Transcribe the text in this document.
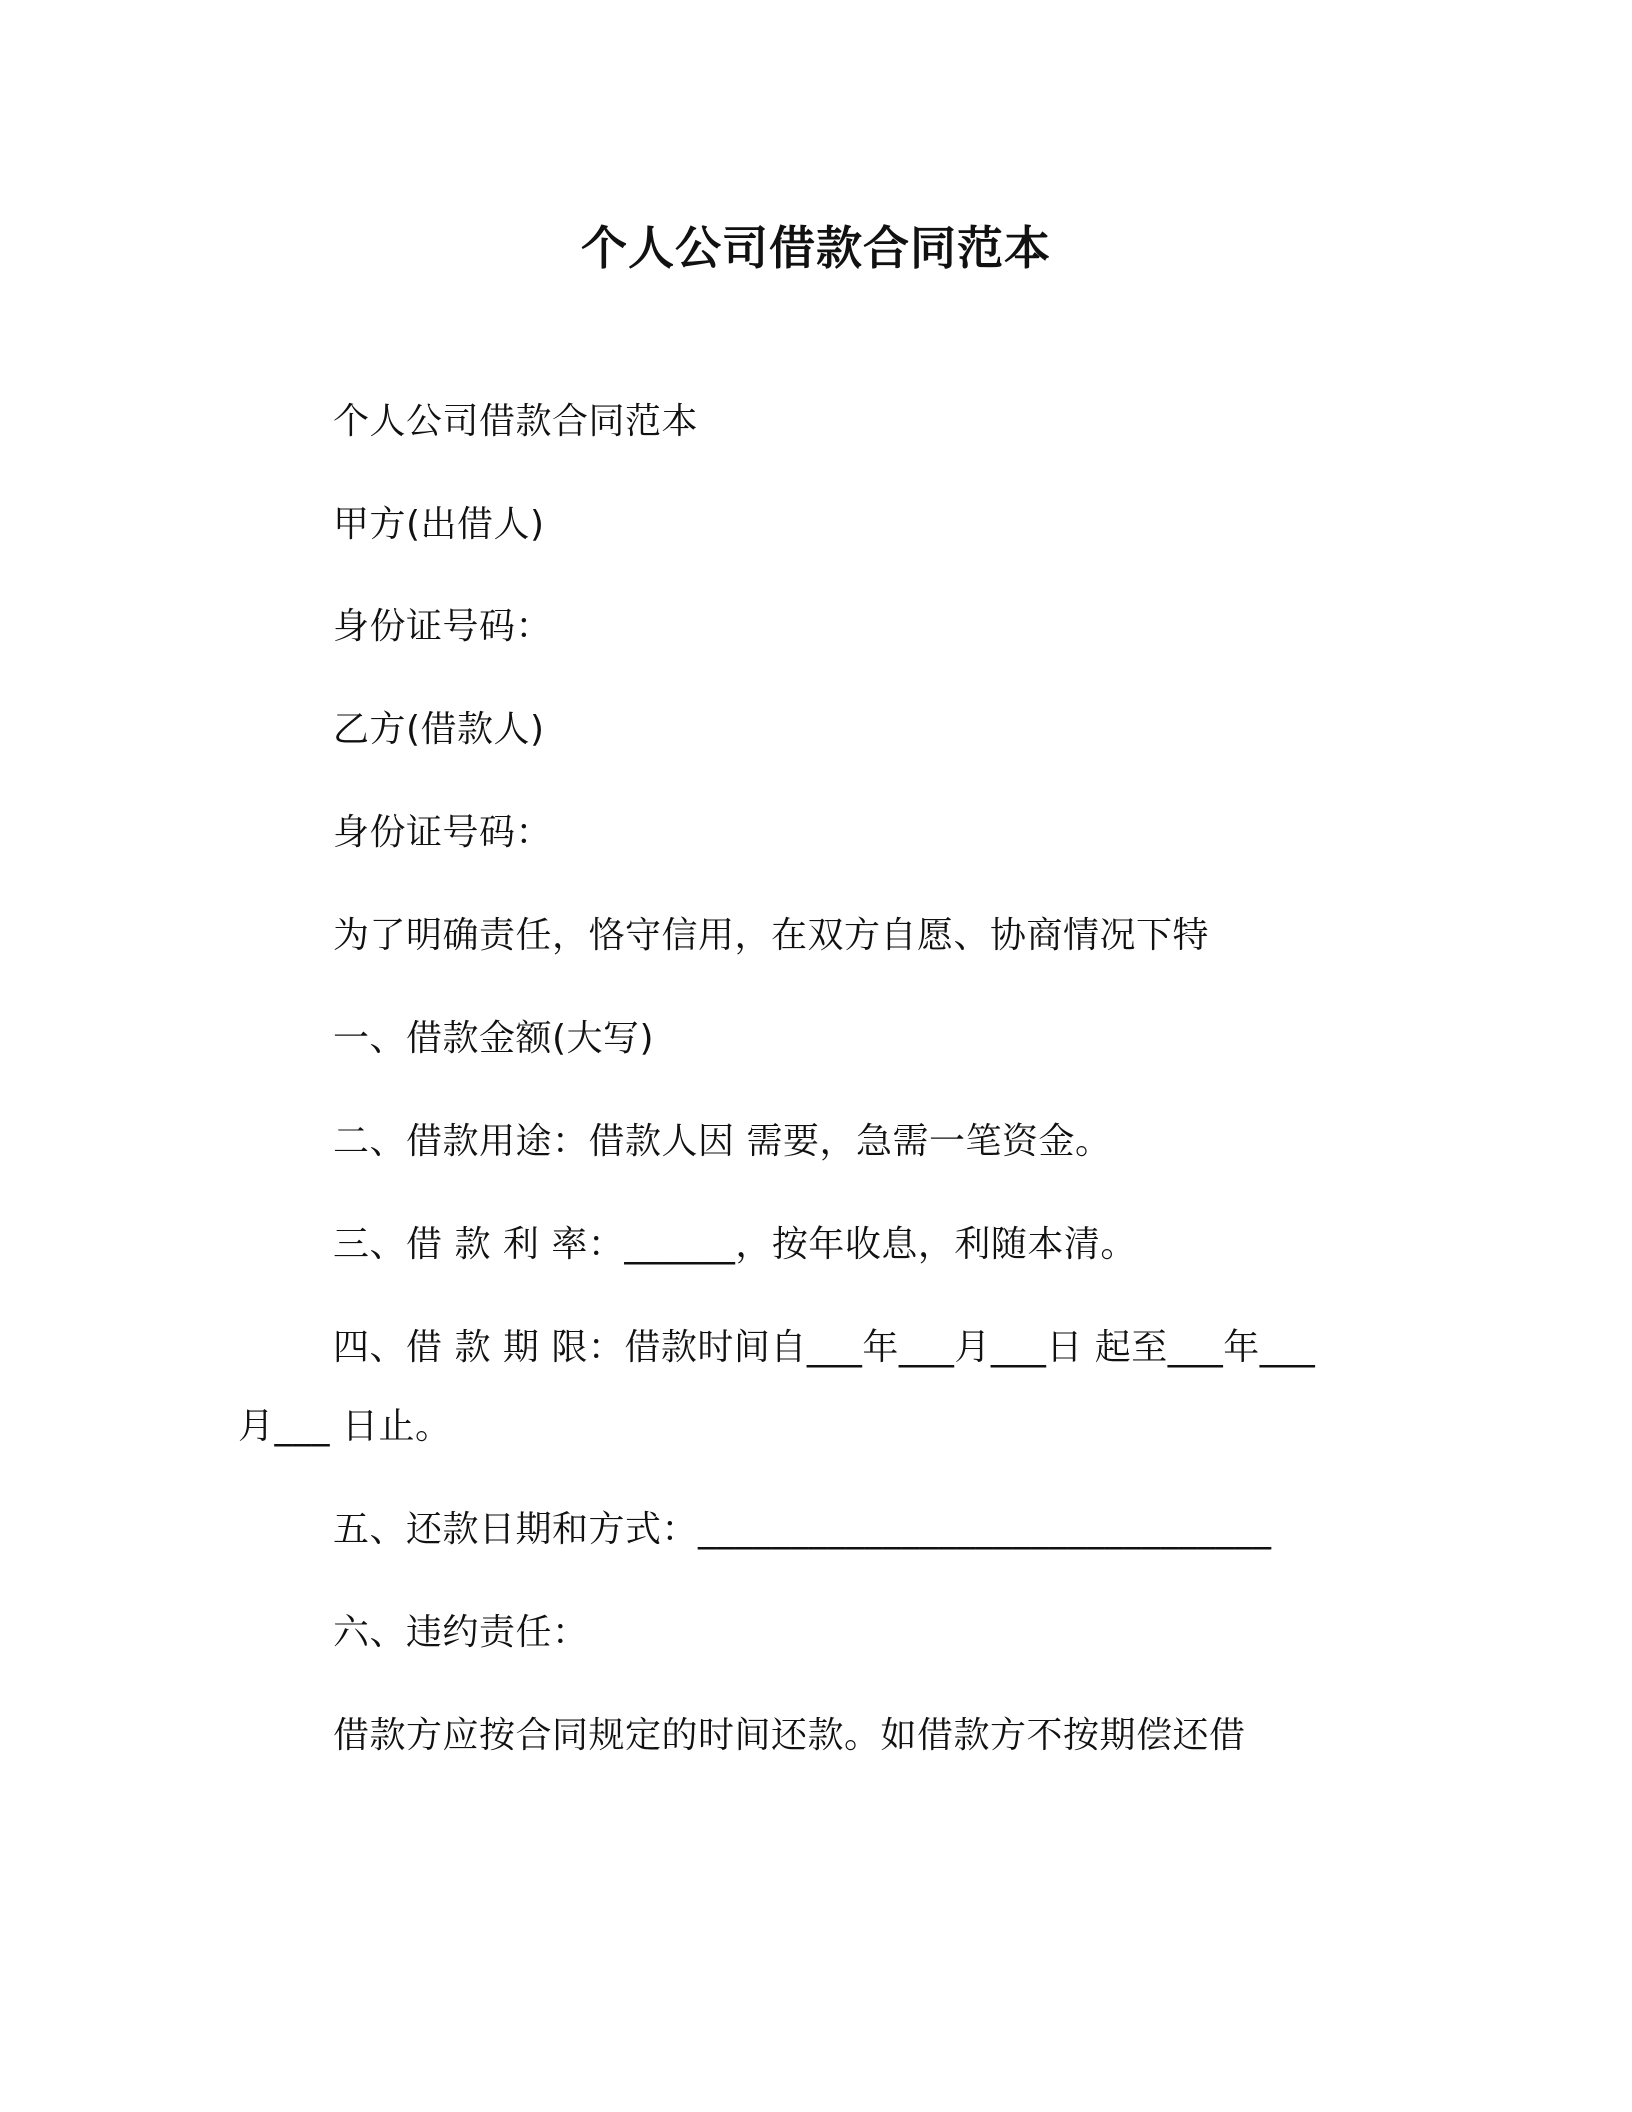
个人公司借款合同范本
个人公司借款合同范本
甲方(出借人)
身份证号码：
乙方(借款人)
身份证号码：
为了明确责任，恪守信用，在双方自愿、协商情况下特
一、借款金额(大写)
二、借款用途：借款人因 需要，急需一笔资金。
三、借 款 利 率：______，按年收息，利随本清。
四、借 款 期 限：借款时间自___年___月___日 起至___年___
月___ 日止。
五、还款日期和方式：_______________________________
六、违约责任：
借款方应按合同规定的时间还款。如借款方不按期偿还借
